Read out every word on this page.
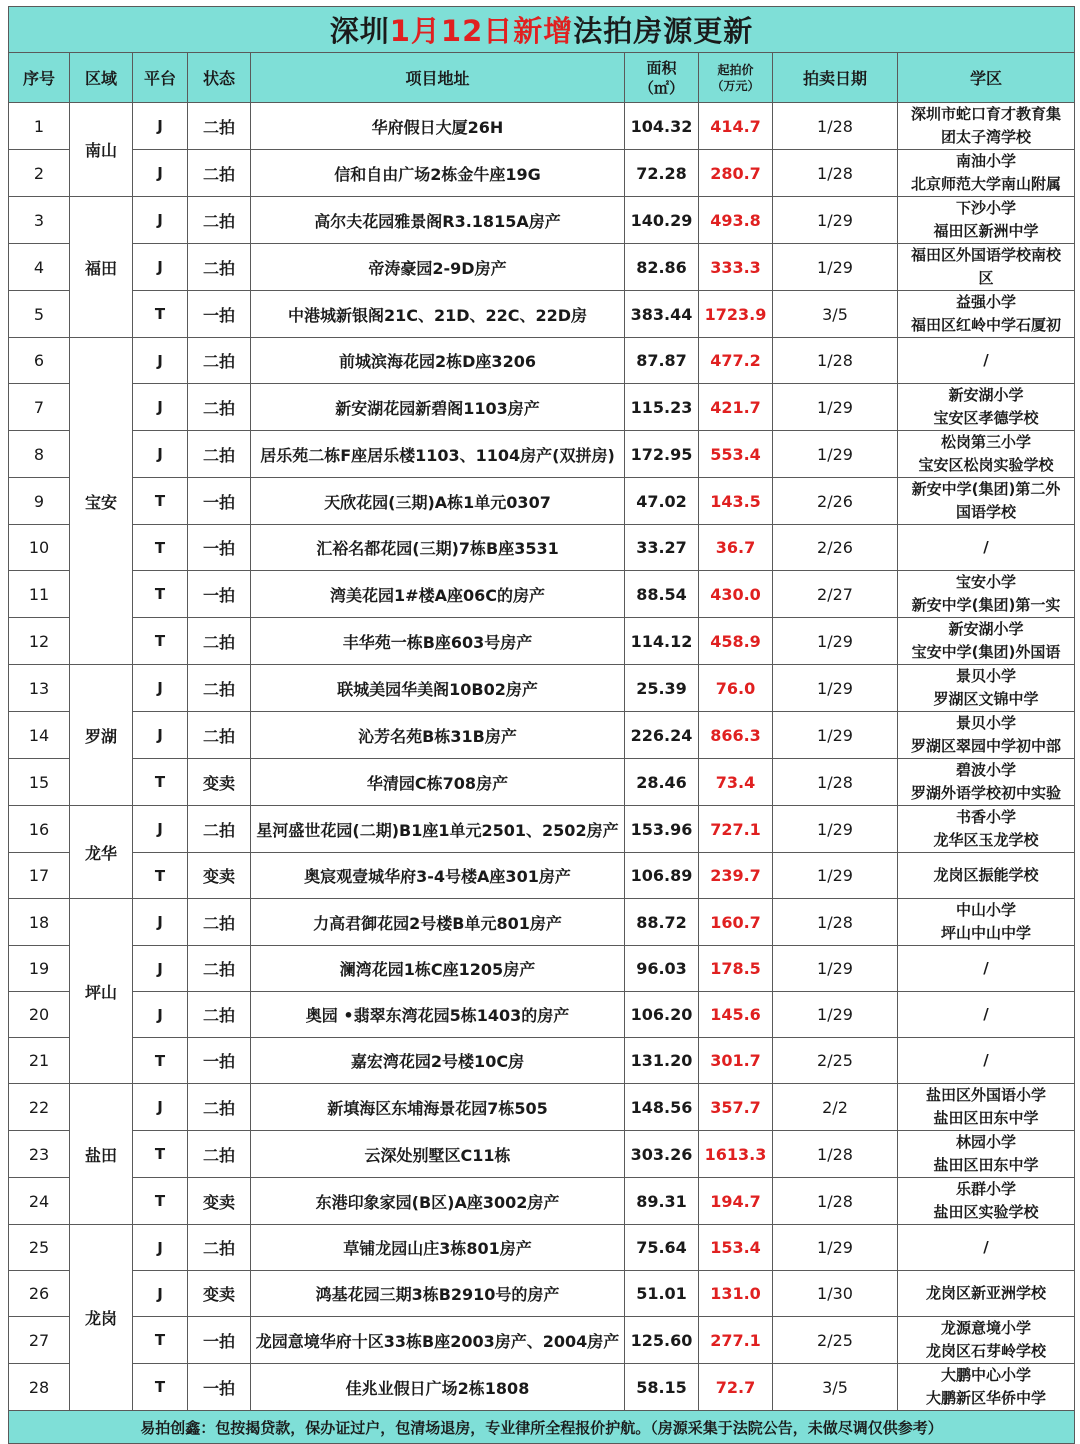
深圳1月12日新增法拍房源更新								
序号	区域	平台	状态	项目地址	面积
（㎡）	起拍价
（万元）	拍卖日期	学区
1	南山	J	二拍	华府假日大厦26H	104.32	414.7	1/28	深圳市蛇口育才教育集
团太子湾学校

2		J	二拍	信和自由广场2栋金牛座19G	72.28	280.7	1/28	南油小学
北京师范大学南山附属

3	福田	J	二拍	高尔夫花园雅景阁R3.1815A房产	140.29	493.8	1/29	下沙小学
福田区新洲中学

4		J	二拍	帝涛豪园2-9D房产	82.86	333.3	1/29	福田区外国语学校南校
区

5		T	一拍	中港城新银阁21C、21D、22C、22D房	383.44	1723.9	3/5	益强小学
福田区红岭中学石厦初

6	宝安	J	二拍	前城滨海花园2栋D座3206	87.87	477.2	1/28	/

7		J	二拍	新安湖花园新碧阁1103房产	115.23	421.7	1/29	新安湖小学
宝安区孝德学校

8		J	二拍	居乐苑二栋F座居乐楼1103、1104房产(双拼房)	172.95	553.4	1/29	松岗第三小学
宝安区松岗实验学校

9		T	一拍	天欣花园(三期)A栋1单元0307	47.02	143.5	2/26	新安中学(集团)第二外
国语学校

10		T	一拍	汇裕名都花园(三期)7栋B座3531	33.27	36.7	2/26	/

11		T	一拍	湾美花园1#楼A座06C的房产	88.54	430.0	2/27	宝安小学
新安中学(集团)第一实

12		T	二拍	丰华苑一栋B座603号房产	114.12	458.9	1/29	新安湖小学
宝安中学(集团)外国语

13	罗湖	J	二拍	联城美园华美阁10B02房产	25.39	76.0	1/29	景贝小学
罗湖区文锦中学

14		J	二拍	沁芳名苑B栋31B房产	226.24	866.3	1/29	景贝小学
罗湖区翠园中学初中部

15		T	变卖	华清园C栋708房产	28.46	73.4	1/28	碧波小学
罗湖外语学校初中实验

16	龙华	J	二拍	星河盛世花园(二期)B1座1单元2501、2502房产	153.96	727.1	1/29	书香小学
龙华区玉龙学校

17		T	变卖	奥宸观壹城华府3-4号楼A座301房产	106.89	239.7	1/29	龙岗区振能学校

18	坪山	J	二拍	力高君御花园2号楼B单元801房产	88.72	160.7	1/28	中山小学
坪山中山中学

19		J	二拍	澜湾花园1栋C座1205房产	96.03	178.5	1/29	/

20		J	二拍	奥园 •翡翠东湾花园5栋1403的房产	106.20	145.6	1/29	/

21		T	一拍	嘉宏湾花园2号楼10C房	131.20	301.7	2/25	/

22	盐田	J	二拍	新填海区东埔海景花园7栋505	148.56	357.7	2/2	盐田区外国语小学
盐田区田东中学

23		T	二拍	云深处别墅区C11栋	303.26	1613.3	1/28	林园小学
盐田区田东中学

24		T	变卖	东港印象家园(B区)A座3002房产	89.31	194.7	1/28	乐群小学
盐田区实验学校

25	龙岗	J	二拍	草铺龙园山庄3栋801房产	75.64	153.4	1/29	/

26		J	变卖	鸿基花园三期3栋B2910号的房产	51.01	131.0	1/30	龙岗区新亚洲学校

27		T	一拍	龙园意境华府十区33栋B座2003房产、2004房产	125.60	277.1	2/25	龙源意境小学
龙岗区石芽岭学校

28		T	一拍	佳兆业假日广场2栋1808	58.15	72.7	3/5	大鹏中心小学
大鹏新区华侨中学

易拍创鑫：包按揭贷款，保办证过户，包清场退房，专业律所全程报价护航。（房源采集于法院公告，未做尽调仅供参考）								
